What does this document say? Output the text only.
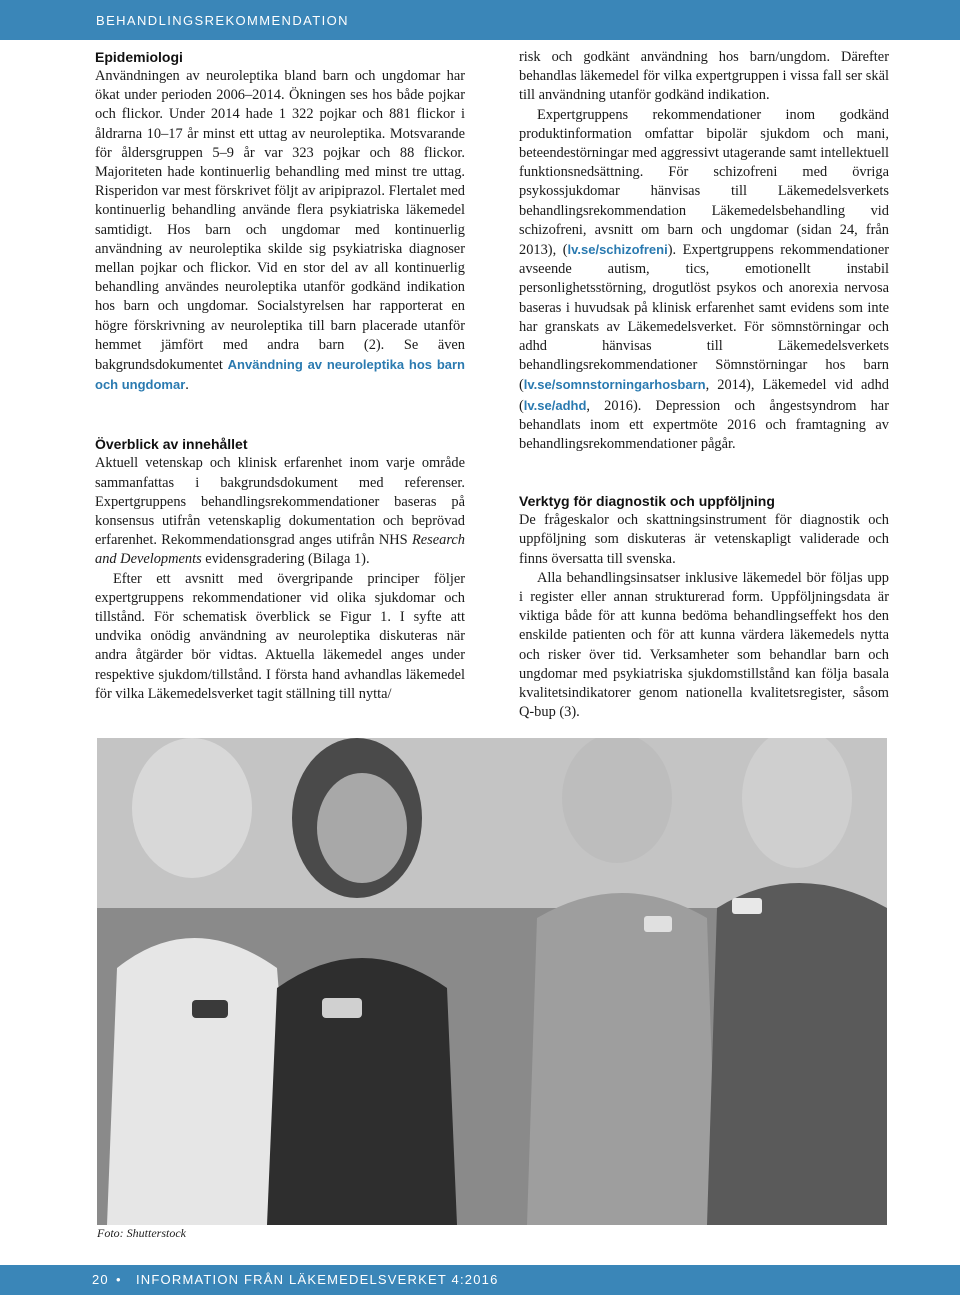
BEHANDLINGSREKOMMENDATION
Epidemiologi

Användningen av neuroleptika bland barn och ungdomar har ökat under perioden 2006–2014. Ökningen ses hos både pojkar och flickor. Under 2014 hade 1 322 pojkar och 881 flickor i åldrarna 10–17 år minst ett uttag av neuroleptika. Motsvarande för åldersgruppen 5–9 år var 323 pojkar och 88 flickor. Majoriteten hade kontinuerlig behandling med minst tre uttag. Risperidon var mest förskrivet följt av aripiprazol. Flertalet med kontinuerlig behandling använde flera psykiatriska läkemedel samtidigt. Hos barn och ungdomar med kontinuerlig användning av neuroleptika skilde sig psykiatriska diagnoser mellan pojkar och flickor. Vid en stor del av all kontinuerlig behandling användes neuroleptika utanför godkänd indikation hos barn och ungdomar. Socialstyrelsen har rapporterat en högre förskrivning av neuroleptika till barn placerade utanför hemmet jämfört med andra barn (2). Se även bakgrundsdokumentet Användning av neuroleptika hos barn och ungdomar.

Överblick av innehållet

Aktuell vetenskap och klinisk erfarenhet inom varje område sammanfattas i bakgrundsdokument med referenser. Expertgruppens behandlingsrekommendationer baseras på konsensus utifrån vetenskaplig dokumentation och beprövad erfarenhet. Rekommendationsgrad anges utifrån NHS Research and Developments evidensgradering (Bilaga 1).

Efter ett avsnitt med övergripande principer följer expertgruppens rekommendationer vid olika sjukdomar och tillstånd. För schematisk överblick se Figur 1. I syfte att undvika onödig användning av neuroleptika diskuteras när andra åtgärder bör vidtas. Aktuella läkemedel anges under respektive sjukdom/tillstånd. I första hand avhandlas läkemedel för vilka Läkemedelsverket tagit ställning till nytta/

risk och godkänt användning hos barn/ungdom. Därefter behandlas läkemedel för vilka expertgruppen i vissa fall ser skäl till användning utanför godkänd indikation.

Expertgruppens rekommendationer inom godkänd produktinformation omfattar bipolär sjukdom och mani, beteendestörningar med aggressivt utagerande samt intellektuell funktionsnedsättning. För schizofreni med övriga psykossjukdomar hänvisas till Läkemedelsverkets behandlingsrekommendation Läkemedelsbehandling vid schizofreni, avsnitt om barn och ungdomar (sidan 24, från 2013), (lv.se/schizofreni). Expertgruppens rekommendationer avseende autism, tics, emotionellt instabil personlighetsstörning, drogutlöst psykos och anorexia nervosa baseras i huvudsak på klinisk erfarenhet samt evidens som inte har granskats av Läkemedelsverket. För sömnstörningar och adhd hänvisas till Läkemedelsverkets behandlingsrekommendationer Sömnstörningar hos barn (lv.se/somnstorningarhosbarn, 2014), Läkemedel vid adhd (lv.se/adhd, 2016). Depression och ångestsyndrom har behandlats inom ett expertmöte 2016 och framtagning av behandlingsrekommendationer pågår.

Verktyg för diagnostik och uppföljning

De frågeskalor och skattningsinstrument för diagnostik och uppföljning som diskuteras är vetenskapligt validerade och finns översatta till svenska.

Alla behandlingsinsatser inklusive läkemedel bör följas upp i register eller annan strukturerad form. Uppföljningsdata är viktiga både för att kunna bedöma behandlingseffekt hos den enskilde patienten och för att kunna värdera läkemedels nytta och risker över tid. Verksamheter som behandlar barn och ungdomar med psykiatriska sjukdomstillstånd kan följa basala kvalitetsindikatorer genom nationella kvalitetsregister, såsom Q-bup (3).

Foto: Shutterstock
20 • INFORMATION FRÅN LÄKEMEDELSVERKET 4:2016
